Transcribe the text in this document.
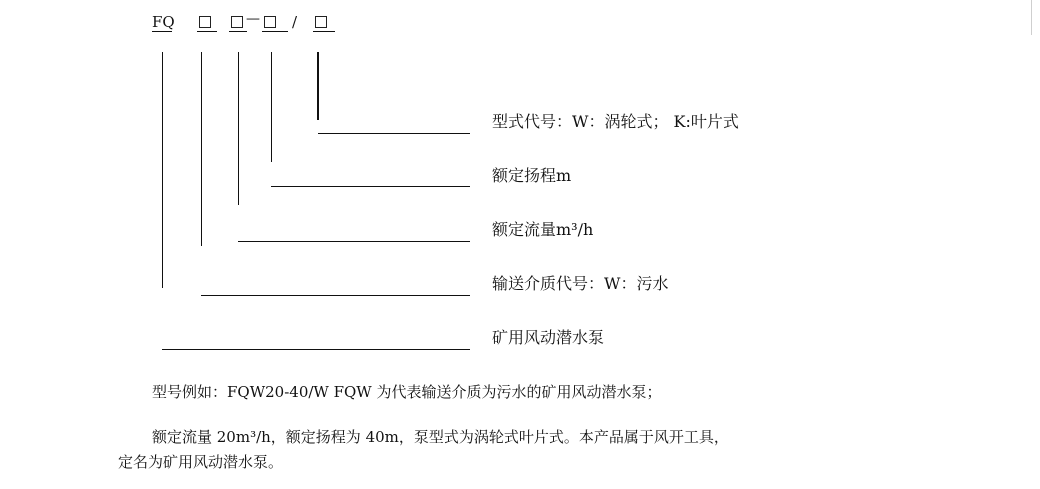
FQ	— /
型式代号：W：涡轮式； K:叶片式
额定扬程m
额定流量m³/h
输送介质代号：W：污水
矿用风动潜水泵
型号例如：FQW20-40/W FQW 为代表输送介质为污水的矿用风动潜水泵；
额定流量 20m³/h，额定扬程为 40m，泵型式为涡轮式叶片式。本产品属于风开工具，
定名为矿用风动潜水泵。
